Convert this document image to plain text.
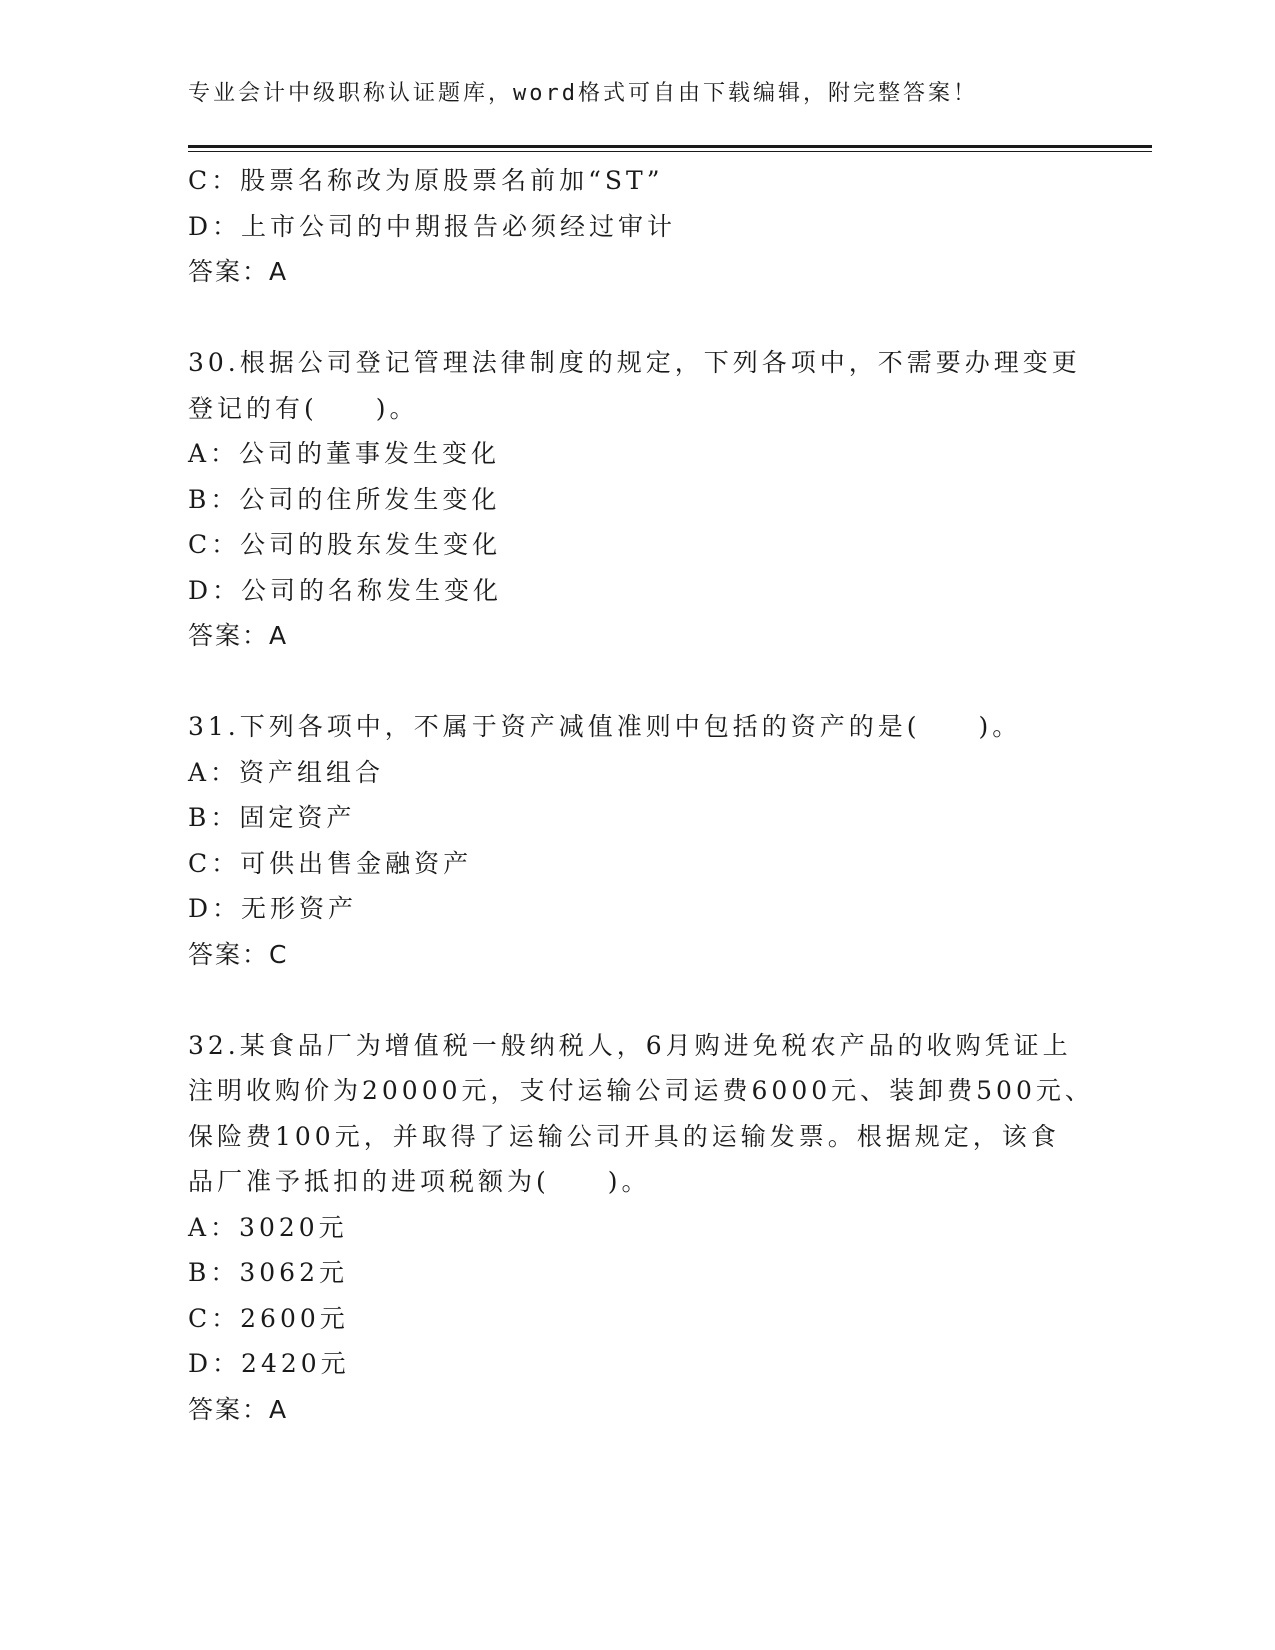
专业会计中级职称认证题库，word格式可自由下载编辑，附完整答案！
C：股票名称改为原股票名前加“ST”
D：上市公司的中期报告必须经过审计
答案：A
30.根据公司登记管理法律制度的规定，下列各项中，不需要办理变更
登记的有(　　)。
A：公司的董事发生变化
B：公司的住所发生变化
C：公司的股东发生变化
D：公司的名称发生变化
答案：A
31.下列各项中，不属于资产减值准则中包括的资产的是(　　)。
A：资产组组合
B：固定资产
C：可供出售金融资产
D：无形资产
答案：C
32.某食品厂为增值税一般纳税人，6月购进免税农产品的收购凭证上
注明收购价为20000元，支付运输公司运费6000元、装卸费500元、
保险费100元，并取得了运输公司开具的运输发票。根据规定，该食
品厂准予抵扣的进项税额为(　　)。
A：3020元
B：3062元
C：2600元
D：2420元
答案：A
